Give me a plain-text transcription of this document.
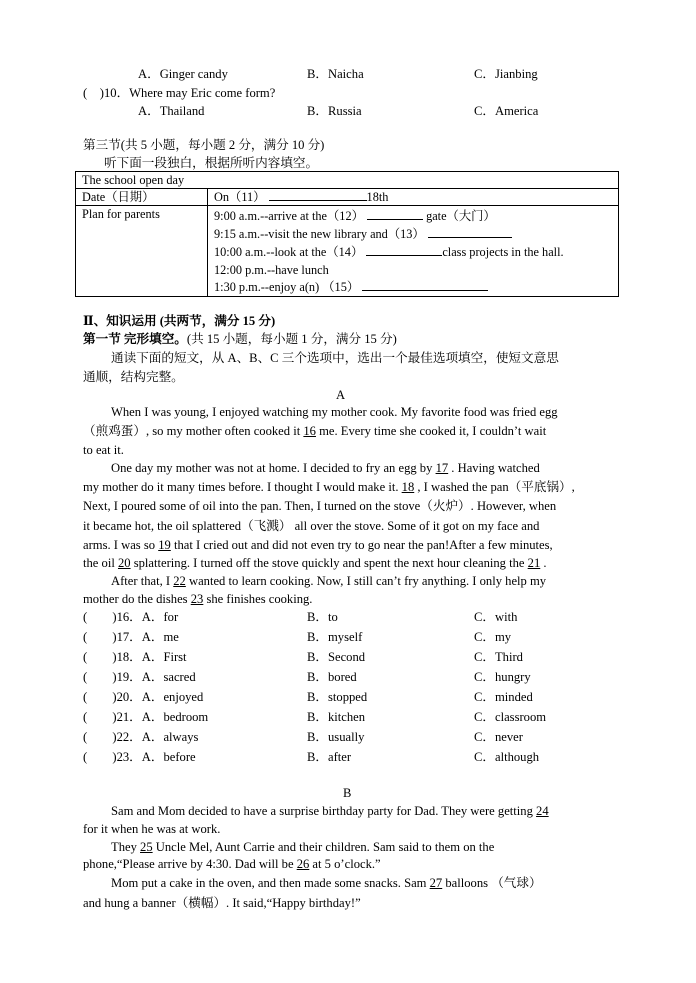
A．Ginger candy	B．Naicha	C．Jianbing
(　)10．Where may Eric come form?
A．Thailand	B．Russia	C．America
第三节(共 5 小题，每小题 2 分，满分 10 分)
听下面一段独白，根据所听内容填空。
The school open day	
Date（日期）	On（11） 18th
Plan for parents	9:00 a.m.--arrive at the（12） gate（大门）
9:15 a.m.--visit the new library and（13）
10:00 a.m.--look at the（14） class projects in the hall.
12:00 p.m.--have lunch
1:30 p.m.--enjoy a(n) （15）
Ⅱ、知识运用 (共两节，满分 15 分)
第一节 完形填空。(共 15 小题，每小题 1 分，满分 15 分)
通读下面的短文，从 A、B、C 三个选项中，选出一个最佳选项填空，使短文意思
通顺，结构完整。
A
When I was young, I enjoyed watching my mother cook. My favorite food was fried egg
（煎鸡蛋）, so my mother often cooked it 16 me. Every time she cooked it, I couldn’t wait
to eat it.
One day my mother was not at home. I decided to fry an egg by 17 . Having watched
my mother do it many times before. I thought I would make it. 18 , I washed the pan（平底锅）,
Next, I poured some of oil into the pan. Then, I turned on the stove（火炉）. However, when
it became hot, the oil splattered（飞溅） all over the stove. Some of it got on my face and
arms. I was so 19 that I cried out and did not even try to go near the pan!After a few minutes,
the oil 20 splattering. I turned off the stove quickly and spent the next hour cleaning the 21 .
After that, I 22 wanted to learn cooking. Now, I still can’t fry anything. I only help my
mother do the dishes 23 she finishes cooking.
(　　)16．A．for	B．to	C．with
(　　)17．A．me	B．myself	C．my
(　　)18．A．First	B．Second	C．Third
(　　)19．A．sacred	B．bored	C．hungry
(　　)20．A．enjoyed	B．stopped	C．minded
(　　)21．A．bedroom	B．kitchen	C．classroom
(　　)22．A．always	B．usually	C．never
(　　)23．A．before	B．after	C．although
B
Sam and Mom decided to have a surprise birthday party for Dad. They were getting 24
for it when he was at work.
They 25 Uncle Mel, Aunt Carrie and their children. Sam said to them on the
phone,“Please arrive by 4:30. Dad will be 26 at 5 o’clock.”
Mom put a cake in the oven, and then made some snacks. Sam 27 balloons （气球）
and hung a banner（横幅）. It said,“Happy birthday!”
